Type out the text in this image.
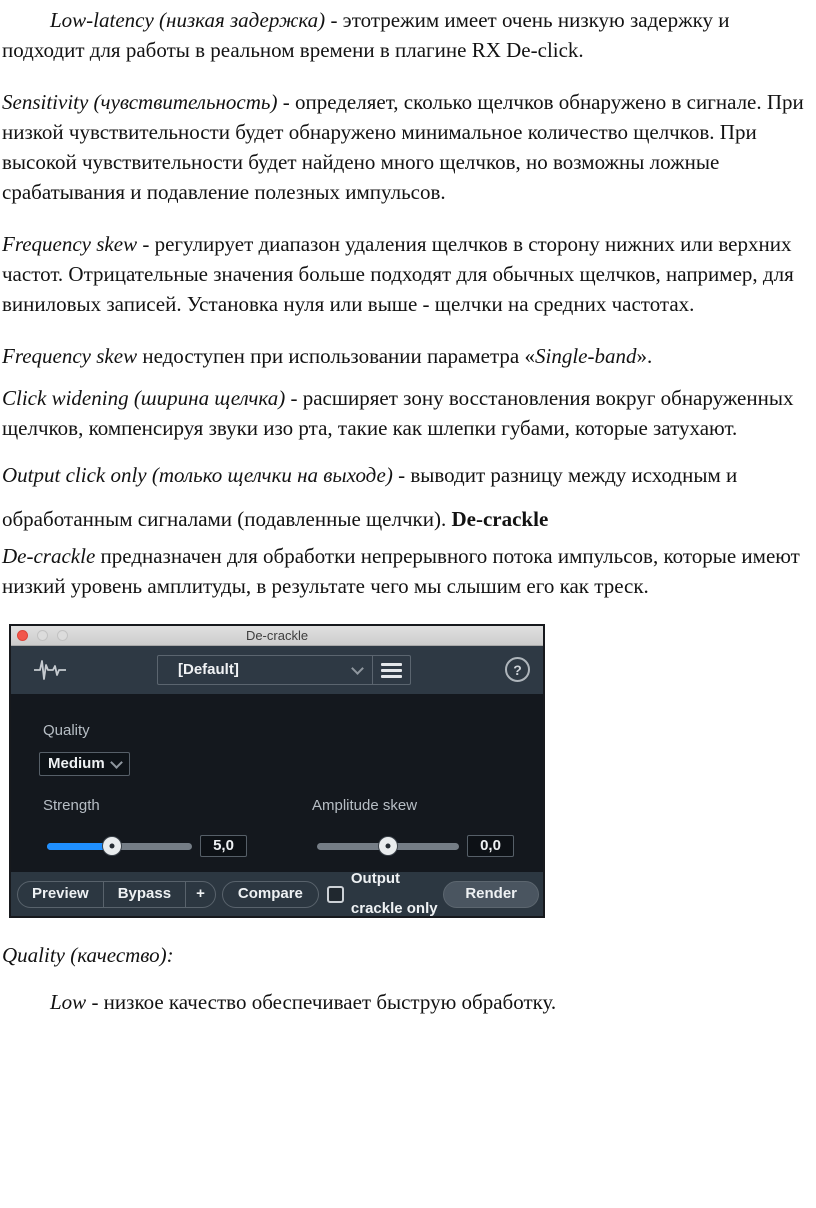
Low-latency (низкая задержка) - этотрежим имеет очень низкую задержку и подходит для работы в реальном времени в плагине RX De-click.

Sensitivity (чувствительность) - определяет, сколько щелчков обнаружено в сигнале. При низкой чувствительности будет обнаружено минимальное количество щелчков. При высокой чувствительности будет найдено много щелчков, но возможны ложные срабатывания и подавление полезных импульсов.

Frequency skew - регулирует диапазон удаления щелчков в сторону нижних или верхних частот. Отрицательные значения больше подходят для обычных щелчков, например, для виниловых записей. Установка нуля или выше - щелчки на средних частотах.

Frequency skew недоступен при использовании параметра «Single-band».

Click widening (ширина щелчка) - расширяет зону восстановления вокруг обнаруженных щелчков, компенсируя звуки изо рта, такие как шлепки губами, которые затухают.

Output click only (только щелчки на выходе) - выводит разницу между исходным и обработанным сигналами (подавленные щелчки). De-crackle

De-crackle предназначен для обработки непрерывного потока импульсов, которые имеют низкий уровень амплитуды, в результате чего мы слышим его как треск.

De-crackle
[Default]	?
Quality
Medium
Strength
5,0
Amplitude skew
0,0
Preview	Bypass	+	Compare
Output crackle only
Render

Quality (качество):

Low - низкое качество обеспечивает быструю обработку.
